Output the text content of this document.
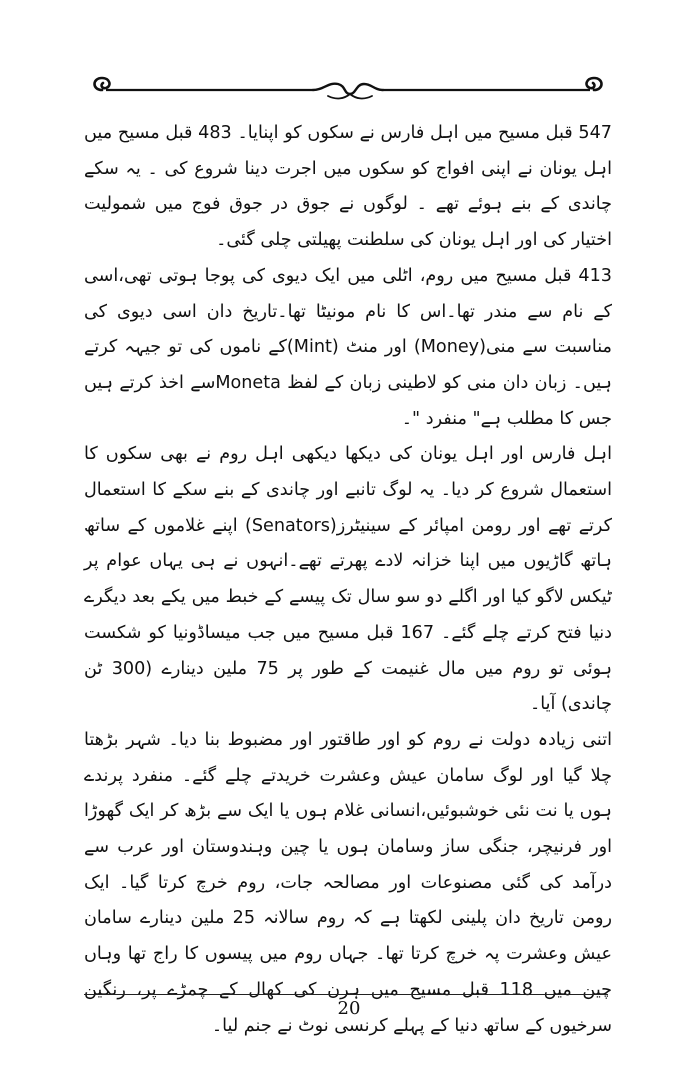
547 قبل مسیح میں اہل فارس نے سکوں کو اپنایا۔ 483 قبل مسیح میں اہل یونان نے اپنی افواج کو سکوں میں اجرت دینا شروع کی ۔ یہ سکے چاندی کے بنے ہوئے تھے ۔ لوگوں نے جوق در جوق فوج میں شمولیت اختیار کی اور اہل یونان کی سلطنت پھیلتی چلی گئی۔

413 قبل مسیح میں روم، اٹلی میں ایک دیوی کی پوجا ہوتی تھی،اسی کے نام سے مندر تھا۔اس کا نام مونیٹا تھا۔تاریخ دان اسی دیوی کی مناسبت سے منی(Money) اور منٹ (Mint)کے ناموں کی تو جیہہ کرتے ہیں۔ زبان دان منی کو لاطینی زبان کے لفظ Monetaسے اخذ کرتے ہیں جس کا مطلب ہے" منفرد "۔

اہل فارس اور اہل یونان کی دیکھا دیکھی اہل روم نے بھی سکوں کا استعمال شروع کر دیا۔ یہ لوگ تانبے اور چاندی کے بنے سکے کا استعمال کرتے تھے اور رومن امپائر کے سینیٹرز(Senators) اپنے غلاموں کے ساتھ ہاتھ گاڑیوں میں اپنا خزانہ لادے پھرتے تھے۔انہوں نے ہی یہاں عوام پر ٹیکس لاگو کیا اور اگلے دو سو سال تک پیسے کے خبط میں یکے بعد دیگرے دنیا فتح کرتے چلے گئے۔ 167 قبل مسیح میں جب میساڈونیا کو شکست ہوئی تو روم میں مال غنیمت کے طور پر 75 ملین دینارے (300 ٹن چاندی) آیا۔

اتنی زیادہ دولت نے روم کو اور طاقتور اور مضبوط بنا دیا۔ شہر بڑھتا چلا گیا اور لوگ سامان عیش وعشرت خریدتے چلے گئے۔ منفرد پرندے ہوں یا نت نئی خوشبوئیں،انسانی غلام ہوں یا ایک سے بڑھ کر ایک گھوڑا اور فرنیچر، جنگی ساز وسامان ہوں یا چین وہندوستان اور عرب سے درآمد کی گئی مصنوعات اور مصالحہ جات، روم خرچ کرتا گیا۔ ایک رومن تاریخ دان پلینی لکھتا ہے کہ روم سالانہ 25 ملین دینارے سامان عیش وعشرت پہ خرچ کرتا تھا۔ جہاں روم میں پیسوں کا راج تھا وہاں چین میں 118 قبل مسیح میں ہرن کی کھال کے چمڑے پر، رنگین سرخیوں کے ساتھ دنیا کے پہلے کرنسی نوٹ نے جنم لیا۔

20
